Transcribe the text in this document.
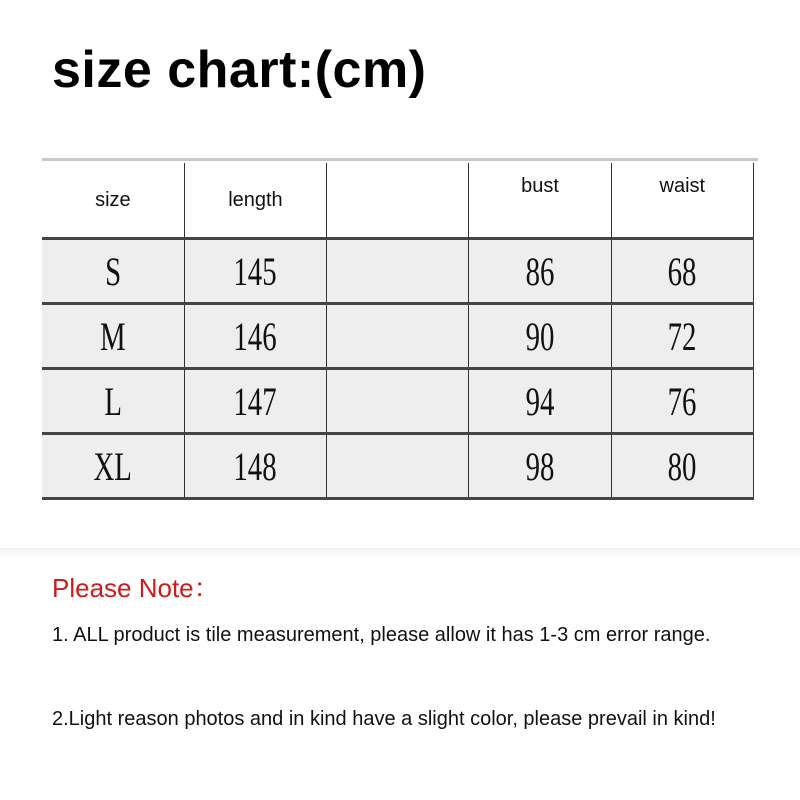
size chart:(cm)
size	length		bust	waist
S	145		86	68
M	146		90	72
L	147		94	76
XL	148		98	80
Please Note：
1. ALL product is tile measurement, please allow it has 1-3 cm error range.
2.Light reason photos and in kind have a slight color, please prevail in kind!
